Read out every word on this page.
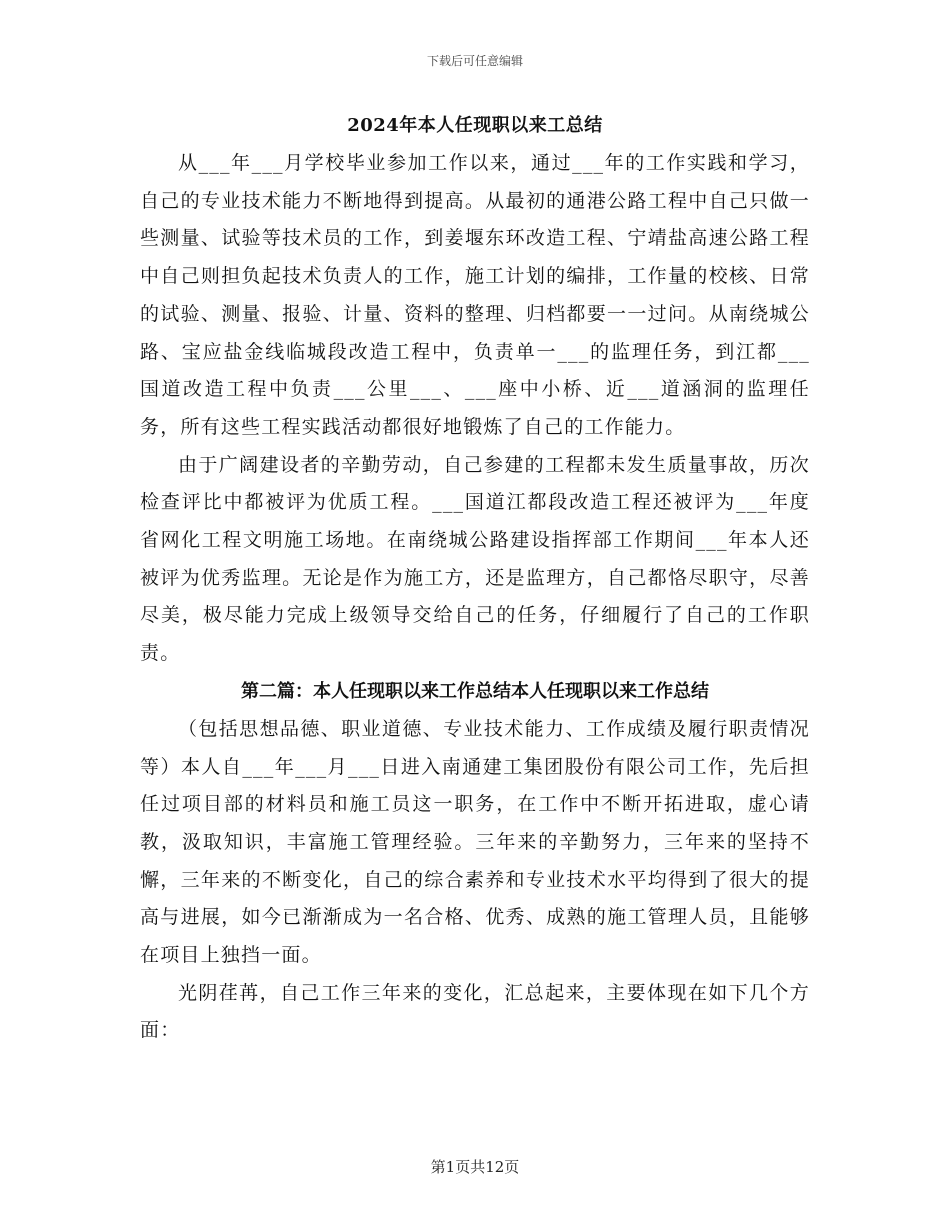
下载后可任意编辑
2024年本人任现职以来工总结

从___年___月学校毕业参加工作以来，通过___年的工作实践和学习，自己的专业技术能力不断地得到提高。从最初的通港公路工程中自己只做一些测量、试验等技术员的工作，到姜堰东环改造工程、宁靖盐高速公路工程中自己则担负起技术负责人的工作，施工计划的编排，工作量的校核、日常的试验、测量、报验、计量、资料的整理、归档都要一一过问。从南绕城公路、宝应盐金线临城段改造工程中，负责单一___的监理任务，到江都___国道改造工程中负责___公里___、___座中小桥、近___道涵洞的监理任务，所有这些工程实践活动都很好地锻炼了自己的工作能力。

由于广阔建设者的辛勤劳动，自己参建的工程都未发生质量事故，历次检查评比中都被评为优质工程。___国道江都段改造工程还被评为___年度省网化工程文明施工场地。在南绕城公路建设指挥部工作期间___年本人还被评为优秀监理。无论是作为施工方，还是监理方，自己都恪尽职守，尽善尽美，极尽能力完成上级领导交给自己的任务，仔细履行了自己的工作职责。

第二篇：本人任现职以来工作总结本人任现职以来工作总结

（包括思想品德、职业道德、专业技术能力、工作成绩及履行职责情况等）本人自___年___月___日进入南通建工集团股份有限公司工作，先后担任过项目部的材料员和施工员这一职务，在工作中不断开拓进取，虚心请教，汲取知识，丰富施工管理经验。三年来的辛勤努力，三年来的坚持不懈，三年来的不断变化，自己的综合素养和专业技术水平均得到了很大的提高与进展，如今已渐渐成为一名合格、优秀、成熟的施工管理人员，且能够在项目上独挡一面。

光阴荏苒，自己工作三年来的变化，汇总起来，主要体现在如下几个方面：

第1页共12页
